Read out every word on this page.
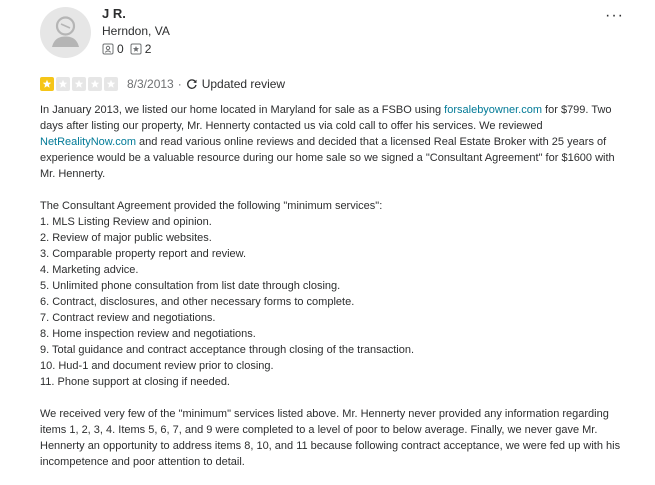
J R.
Herndon, VA
0 2
···
8/3/2013 · Updated review

In January 2013, we listed our home located in Maryland for sale as a FSBO using forsalebyowner.com for $799. Two days after listing our property, Mr. Hennerty contacted us via cold call to offer his services. We reviewed NetRealityNow.com and read various online reviews and decided that a licensed Real Estate Broker with 25 years of experience would be a valuable resource during our home sale so we signed a "Consultant Agreement" for $1600 with Mr. Hennerty.

The Consultant Agreement provided the following "minimum services":

1. MLS Listing Review and opinion.
2. Review of major public websites.
3. Comparable property report and review.
4. Marketing advice.
5. Unlimited phone consultation from list date through closing.
6. Contract, disclosures, and other necessary forms to complete.
7. Contract review and negotiations.
8. Home inspection review and negotiations.
9. Total guidance and contract acceptance through closing of the transaction.
10. Hud-1 and document review prior to closing.
11. Phone support at closing if needed.

We received very few of the "minimum" services listed above. Mr. Hennerty never provided any information regarding items 1, 2, 3, 4. Items 5, 6, 7, and 9 were completed to a level of poor to below average. Finally, we never gave Mr. Hennerty an opportunity to address items 8, 10, and 11 because following contract acceptance, we were fed up with his incompetence and poor attention to detail.
